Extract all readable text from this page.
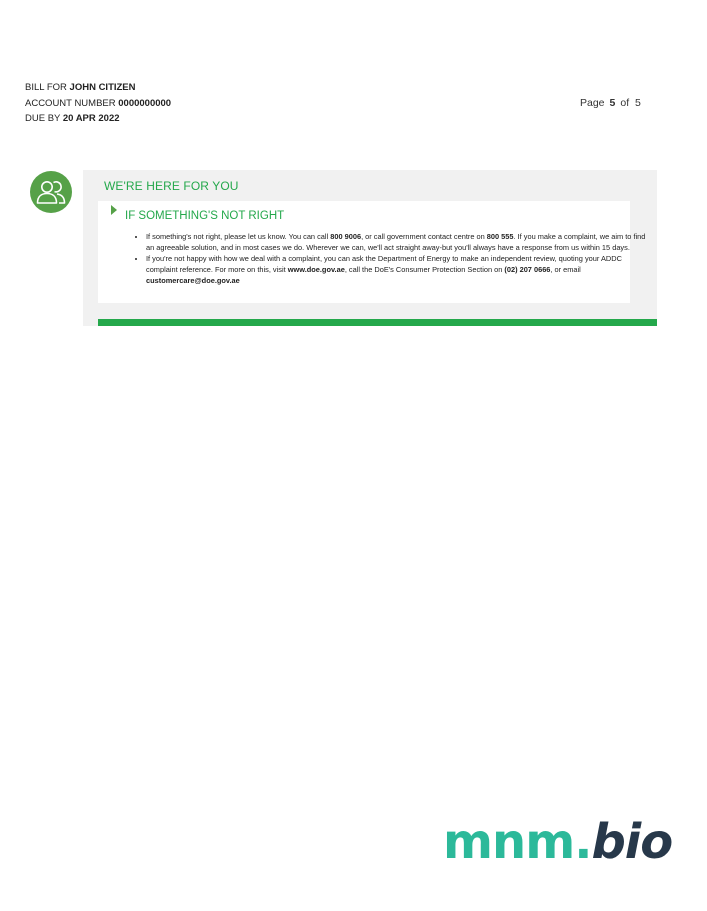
BILL FOR JOHN CITIZEN
ACCOUNT NUMBER 0000000000
DUE BY 20 APR 2022
Page 5 of 5
WE'RE HERE FOR YOU
IF SOMETHING'S NOT RIGHT
• If something's not right, please let us know. You can call 800 9006, or call government contact centre on 800 555. If you make a complaint, we aim to find an agreeable solution, and in most cases we do. Wherever we can, we'll act straight away-but you'll always have a response from us within 15 days.
• If you're not happy with how we deal with a complaint, you can ask the Department of Energy to make an independent review, quoting your ADDC complaint reference. For more on this, visit www.doe.gov.ae, call the DoE's Consumer Protection Section on (02) 207 0666, or email customercare@doe.gov.ae
mnm.bio
